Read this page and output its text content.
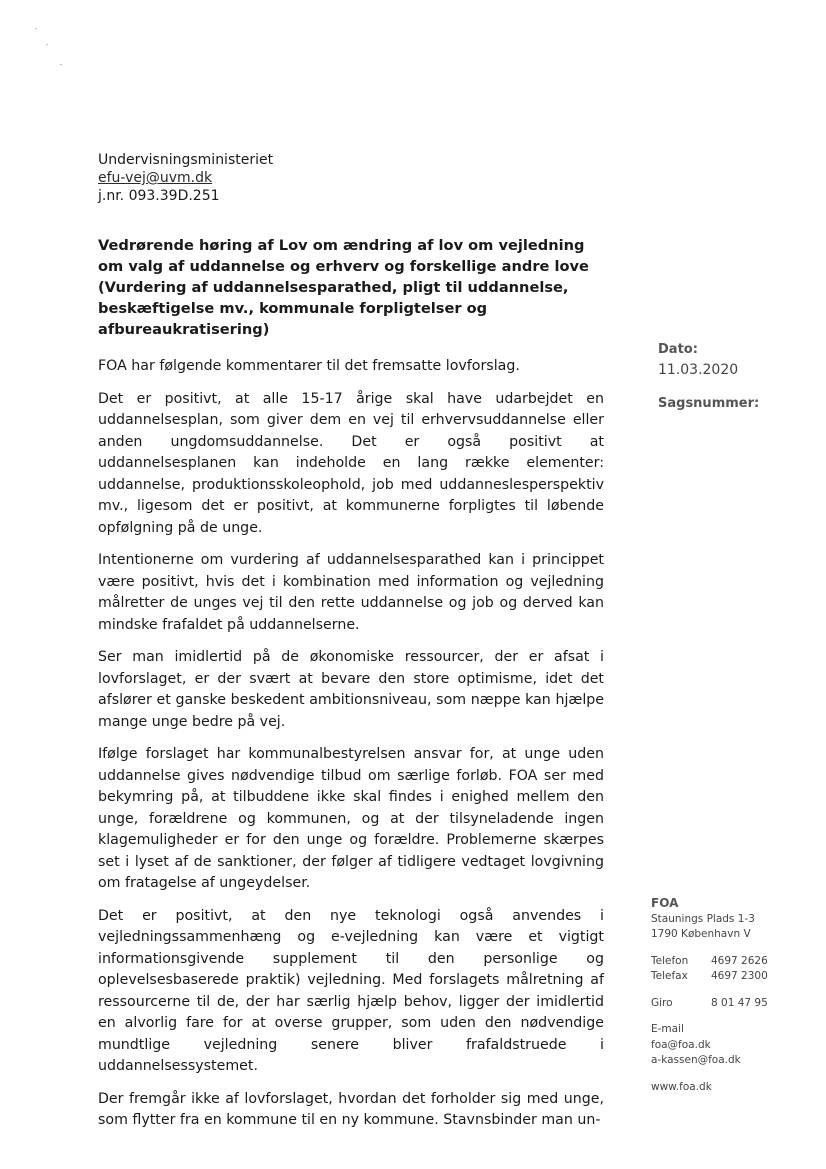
Undervisningsministeriet
efu-vej@uvm.dk
j.nr. 093.39D.251
Vedrørende høring af Lov om ændring af lov om vejledning om valg af uddannelse og erhverv og forskellige andre love (Vurdering af uddannelsesparathed, pligt til uddannelse, beskæftigelse mv., kommunale forpligtelser og afbureaukratisering)
Dato:
11.03.2020
Sagsnummer:

FOA har følgende kommentarer til det fremsatte lovforslag.

Det er positivt, at alle 15-17 årige skal have udarbejdet en uddannelsesplan, som giver dem en vej til erhvervsuddannelse eller anden ungdomsuddannelse. Det er også positivt at uddannelsesplanen kan indeholde en lang række elementer: uddannelse, produktionsskoleophold, job med uddanneslesperspektiv mv., ligesom det er positivt, at kommunerne forpligtes til løbende opfølgning på de unge.

Intentionerne om vurdering af uddannelsesparathed kan i princippet være positivt, hvis det i kombination med information og vejledning målretter de unges vej til den rette uddannelse og job og derved kan mindske frafaldet på uddannelserne.

Ser man imidlertid på de økonomiske ressourcer, der er afsat i lovforslaget, er der svært at bevare den store optimisme, idet det afslører et ganske beskedent ambitionsniveau, som næppe kan hjælpe mange unge bedre på vej.

Ifølge forslaget har kommunalbestyrelsen ansvar for, at unge uden uddannelse gives nødvendige tilbud om særlige forløb. FOA ser med bekymring på, at tilbuddene ikke skal findes i enighed mellem den unge, forældrene og kommunen, og at der tilsyneladende ingen klagemuligheder er for den unge og forældre. Problemerne skærpes set i lyset af de sanktioner, der følger af tidligere vedtaget lovgivning om fratagelse af ungeydelser.

Det er positivt, at den nye teknologi også anvendes i vejledningssammenhæng og e-vejledning kan være et vigtigt informationsgivende supplement til den personlige og oplevelsesbaserede praktik) vejledning. Med forslagets målretning af ressourcerne til de, der har særlig hjælp behov, ligger der imidlertid en alvorlig fare for at overse grupper, som uden den nødvendige mundtlige vejledning senere bliver frafaldstruede i uddannelsessystemet.

Der fremgår ikke af lovforslaget, hvordan det forholder sig med unge, som flytter fra en kommune til en ny kommune. Stavnsbinder man un-

FOA
Staunings Plads 1-3
1790 København V
Telefon	4697 2626
Telefax	4697 2300
Giro	8 01 47 95
E-mail
foa@foa.dk
a-kassen@foa.dk
www.foa.dk
